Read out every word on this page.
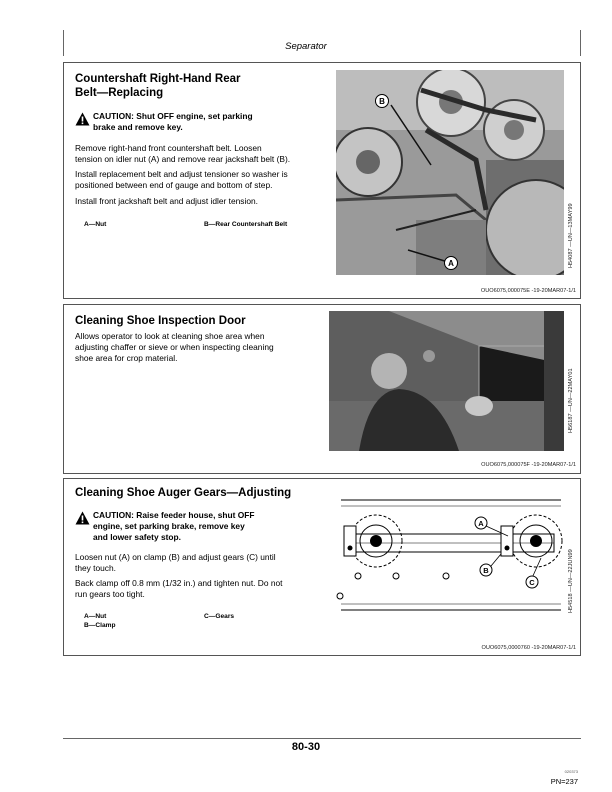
Separator
Countershaft Right-Hand Rear
Belt—Replacing
CAUTION: Shut OFF engine, set parking
brake and remove key.
Remove right-hand front countershaft belt. Loosen
tension on idler nut (A) and remove rear jackshaft belt (B).
Install replacement belt and adjust tensioner so washer is
positioned between end of gauge and bottom of step.
Install front jackshaft belt and adjust idler tension.
A—Nut	B—Rear Countershaft Belt
B
A	H54087 —UN—13MAY99
OUO6075,000075E -19-20MAR07-1/1
Cleaning Shoe Inspection Door
Allows operator to look at cleaning shoe area when
adjusting chaffer or sieve or when inspecting cleaning
shoe area for crop material.
H56187 —UN—22MAY01
OUO6075,000075F -19-20MAR07-1/1
Cleaning Shoe Auger Gears—Adjusting
CAUTION: Raise feeder house, shut OFF
engine, set parking brake, remove key
and lower safety stop.
Loosen nut (A) on clamp (B) and adjust gears (C) until
they touch.
Back clamp off 0.8 mm (1/32 in.) and tighten nut. Do not
run gears too tight.
A—Nut
B—Clamp
C—Gears
A
B
C	H54518 —UN—22JUN99
OUO6075,0000760 -19-20MAR07-1/1
80-30
020373
PN=237
